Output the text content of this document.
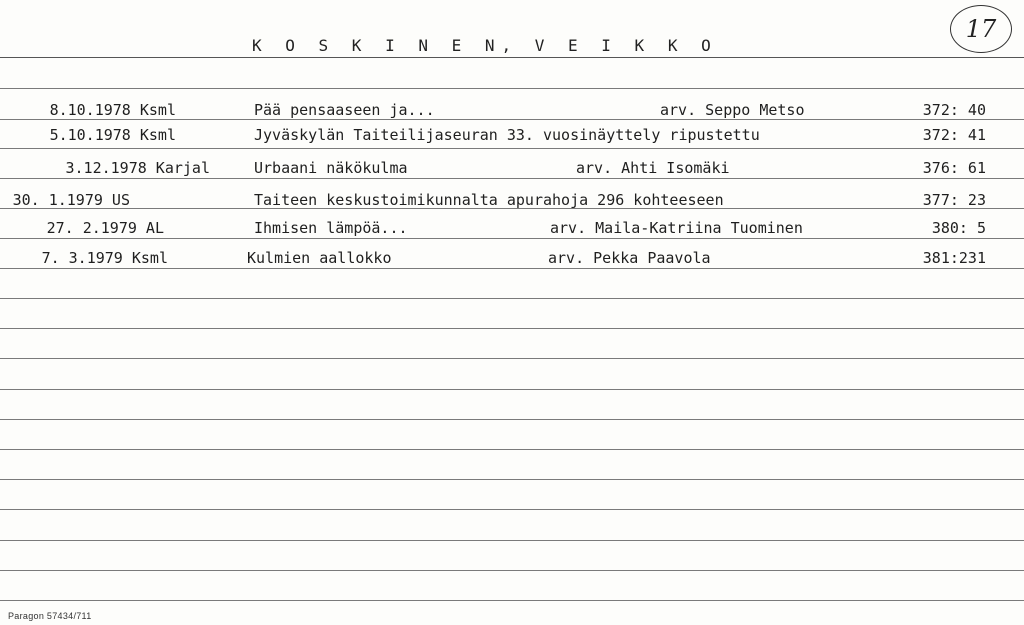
K O S K I N E N, V E I K K O
17
8.10.1978 Ksml	Pää pensaaseen ja...	arv. Seppo Metso	372: 40
5.10.1978 Ksml	Jyväskylän Taiteilijaseuran 33. vuosinäyttely ripustettu	372: 41
3.12.1978 Karjal	Urbaani näkökulma	arv. Ahti Isomäki	376: 61
30. 1.1979 US	Taiteen keskustoimikunnalta apurahoja 296 kohteeseen	377: 23
27. 2.1979 AL	Ihmisen lämpöä...	arv. Maila-Katriina Tuominen	380: 5
7. 3.1979 Ksml	Kulmien aallokko	arv. Pekka Paavola	381:231
Paragon 57434/711
